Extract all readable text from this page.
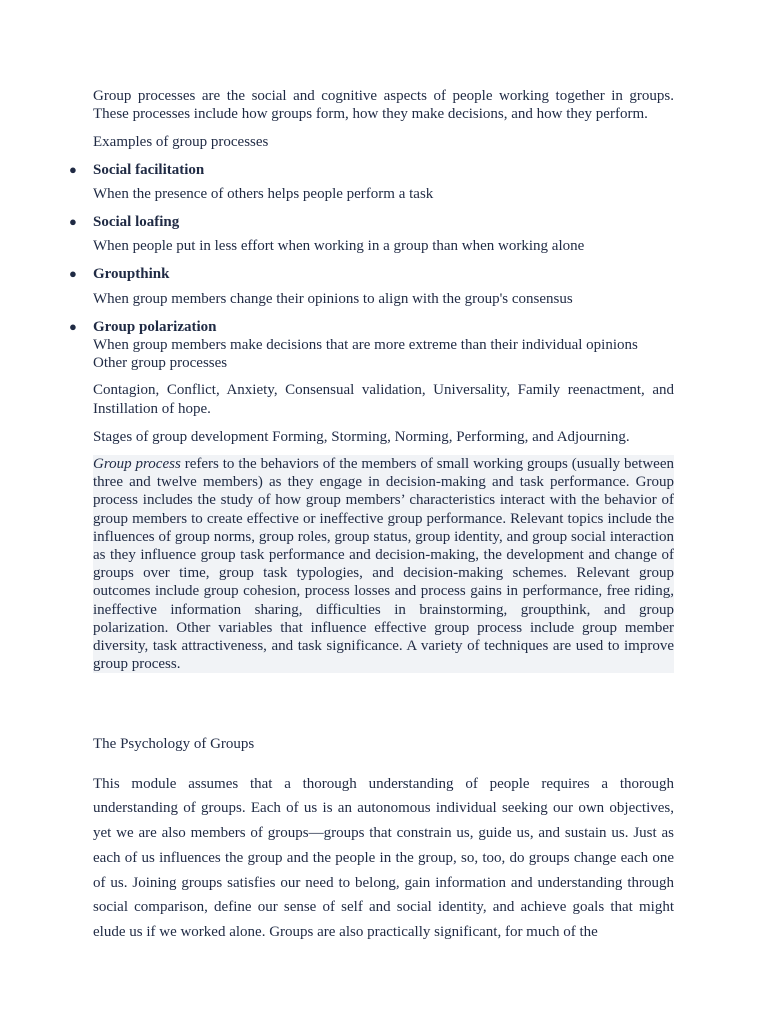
Group processes are the social and cognitive aspects of people working together in groups. These processes include how groups form, how they make decisions, and how they perform.

Examples of group processes

● Social facilitation
When the presence of others helps people perform a task
● Social loafing
When people put in less effort when working in a group than when working alone
● Groupthink
When group members change their opinions to align with the group's consensus
● Group polarization
When group members make decisions that are more extreme than their individual opinions

Other group processes

Contagion, Conflict, Anxiety, Consensual validation, Universality, Family reenactment, and Instillation of hope.

Stages of group development Forming, Storming, Norming, Performing, and Adjourning.

Group process refers to the behaviors of the members of small working groups (usually between three and twelve members) as they engage in decision-making and task performance. Group process includes the study of how group members’ characteristics interact with the behavior of group members to create effective or ineffective group performance. Relevant topics include the influences of group norms, group roles, group status, group identity, and group social interaction as they influence group task performance and decision-making, the development and change of groups over time, group task typologies, and decision-making schemes. Relevant group outcomes include group cohesion, process losses and process gains in performance, free riding, ineffective information sharing, difficulties in brainstorming, groupthink, and group polarization. Other variables that influence effective group process include group member diversity, task attractiveness, and task significance. A variety of techniques are used to improve group process.

The Psychology of Groups

This module assumes that a thorough understanding of people requires a thorough understanding of groups. Each of us is an autonomous individual seeking our own objectives, yet we are also members of groups—groups that constrain us, guide us, and sustain us. Just as each of us influences the group and the people in the group, so, too, do groups change each one of us. Joining groups satisfies our need to belong, gain information and understanding through social comparison, define our sense of self and social identity, and achieve goals that might elude us if we worked alone. Groups are also practically significant, for much of the
